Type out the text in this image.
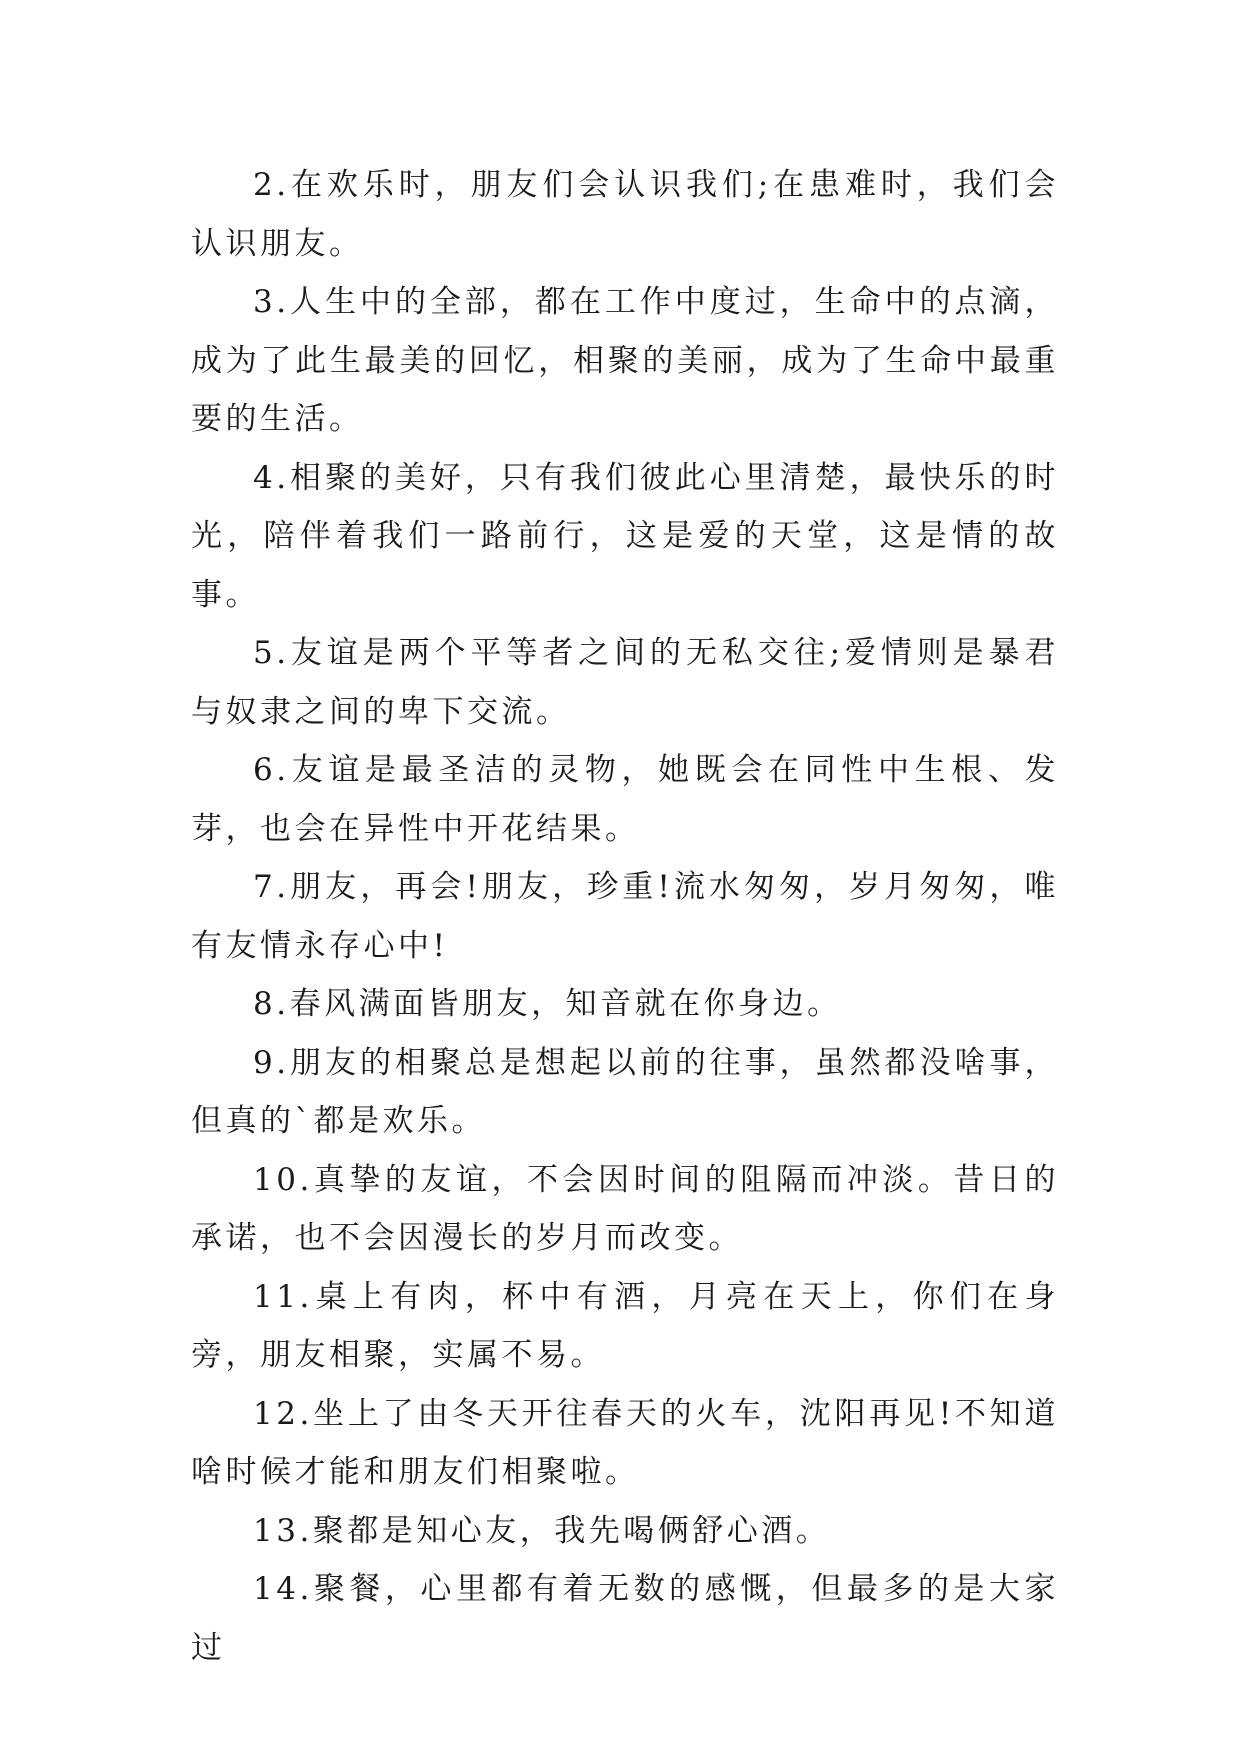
2.在欢乐时，朋友们会认识我们;在患难时，我们会认识朋友。

3.人生中的全部，都在工作中度过，生命中的点滴，成为了此生最美的回忆，相聚的美丽，成为了生命中最重要的生活。

4.相聚的美好，只有我们彼此心里清楚，最快乐的时光，陪伴着我们一路前行，这是爱的天堂，这是情的故事。

5.友谊是两个平等者之间的无私交往;爱情则是暴君与奴隶之间的卑下交流。

6.友谊是最圣洁的灵物，她既会在同性中生根、发芽，也会在异性中开花结果。

7.朋友，再会!朋友，珍重!流水匆匆，岁月匆匆，唯有友情永存心中!

8.春风满面皆朋友，知音就在你身边。

9.朋友的相聚总是想起以前的往事，虽然都没啥事，但真的`都是欢乐。

10.真挚的友谊，不会因时间的阻隔而冲淡。昔日的承诺，也不会因漫长的岁月而改变。

11.桌上有肉，杯中有酒，月亮在天上，你们在身旁，朋友相聚，实属不易。

12.坐上了由冬天开往春天的火车，沈阳再见!不知道啥时候才能和朋友们相聚啦。

13.聚都是知心友，我先喝俩舒心酒。

14.聚餐，心里都有着无数的感慨，但最多的是大家过
